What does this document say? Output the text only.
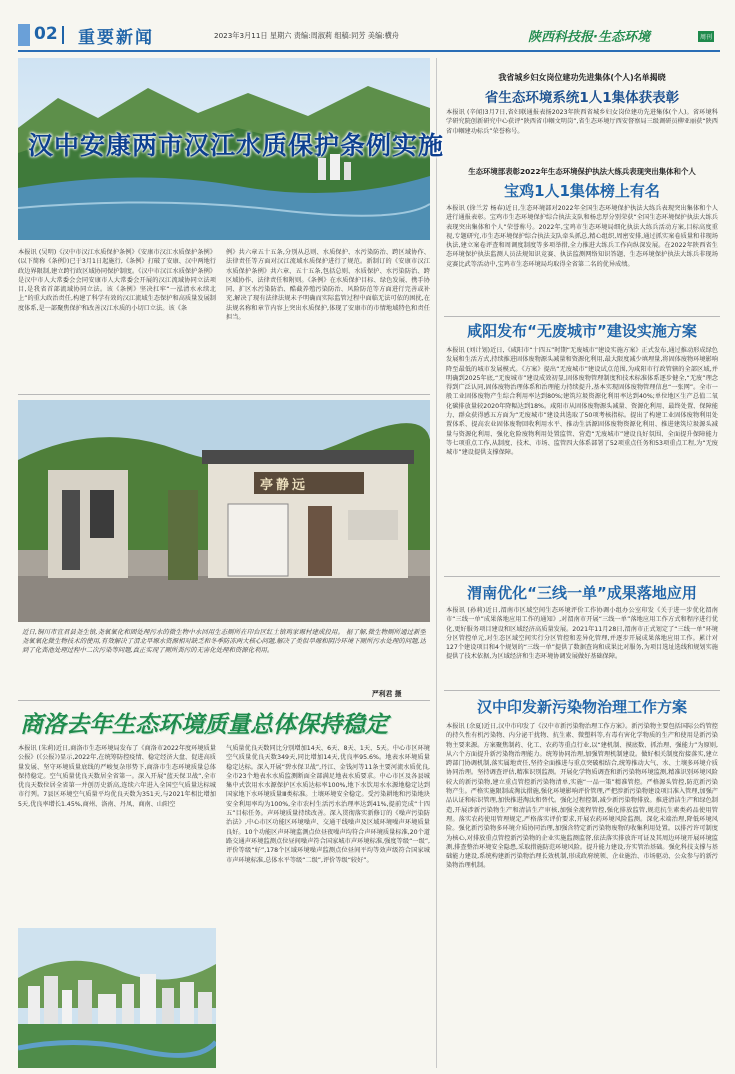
02 重要新闻	2023年3月11日 星期六 责编:周淑莉 组稿:同芳 美编:横舟	陕西科技报·生态环境	周刊
汉中安康两市汉江水质保护条例实施
本报讯 (吴明)《汉中市汉江水质保护条例》《安康市汉江水质保护条例》(以下简称《条例》)已于3月1日起施行,《条例》打破了安康、汉中两地行政边界限制,建立跨行政区域协同保护制度。《汉中市汉江水质保护条例》是汉中市人大常委会会同安康市人大常委会开展的汉江流域协同立法项目,是我省首部流域协同立法。该《条例》坚决扛牢“一泓清水永续北上”的重大政治责任,构建了科学有效的汉江流域生态保护和高质量发展制度体系,是一部聚焦保护和改善汉江水质的小切口立法。该《条
例》共六章五十五条,分别从总则、水质保护、水污染防治、跨区域协作、法律责任等方面对汉江流域水质保护进行了规范。新制订的《安康市汉江水质保护条例》共六章、五十五条,包括总则、水质保护、水污染防治、跨区域协作、法律责任和附则。《条例》在水质保护目标、绿色发展、携手协同、扩区水污染防治、酷截养殖污染防治、风险防范等方面进行完善或补充,解决了现有法律法规未予明确而实际监管过程中面临无法可依的困扰,在法规名称和章节内容上突出水质保护,体现了安康市的市情地域特色和责任担当。
亭静远
近日,铜川市宜君县尧生镇,尧氧氧化和固处理污水的微生物中水回用生态厕所在印台区红土镇鸡家塬村建成投用。 据了解,微生物厕所通过新型尧氧氧化微生物技术的使用,有效解决了渭北旱塬水资源相对缺乏和冬季防冻两大核心问题,解决了类似旱塬和阴冷环境下厕所污水处理的问题,达到了化粪池处理过程中二次污染等问题,真正实现了厕所粪污的无害化处理和资源化利用。
严利君 摄
商洛去年生态环境质量总体保持稳定
本报讯 (朱莉)近日,商洛市生态环境局发布了《商洛市2022年度环境质量公报》(《公报》)显示,2022年,在统筹防控疫情、稳定经济大盘、促进高质量发展、坚守环境质量底线的严峻复杂形势下,商洛市生态环境质量总体保持稳定。空气质量优良天数居全省第一。深入开展“蓝天保卫战”,全市优良天数位居全省第一并创历史新高,连续六年进入全国空气质量达标城市行列。7县区环境空气质量平均优良天数为351天,与2021年相比增加5天,优良率增长1.45%,商州、洛南、丹凤、商南、山阳空
气质量优良天数同比分别增加14天、6天、8天、1天、5天。中心市区环境空气质量优良天数349天,同比增加14天,优良率95.6%。地表水环境质量稳定达标。深入开展“碧水保卫战”,丹江、金钱河等11条主要河流水质优良,全市23个地表水水质监测断面全部满足地表水质要求。中心市区及各县城集中式饮用水水源保护区水质达标率100%,地下水饮用水水源地稳定达到国家地下水环境质量Ⅲ类标准。土壤环境安全稳定。受污染耕地和污染地块安全利用率均为100%,全市农村生活污水治理率达到41%,提前完成“十四五”目标任务。声环境质量持续改善。深入贯彻落实新修订的《噪声污染防治法》,中心市区功能区环境噪声、交通干线噪声及区域环境噪声环境质量良好。10个功能区声环境监测点位昼夜噪声均符合声环境质量标准,20个道路交通声环境监测点位昼间噪声符合国家城市声环境标准,强度等级“一级”,评价等级“好”,178个区域环境噪声监测点位昼间平均等效声级符合国家城市声环境标准,总体水平等级“二级”,评价等级“较好”。
我省城乡妇女岗位建功先进集体(个人)名单揭晓
省生态环境系统1人1集体获表彰
本报讯 (辛闻)3月7日,省妇联通报表扬2023年陕西省城乡妇女岗位建功先进集体(个人)。省环境科学研究院创新研究中心获评“陕西省巾帼文明岗”,省生态环境厅西安督察局三级调研员柳亚丽获“陕西省巾帼建功标兵”荣誉称号。
生态环境部表彰2022年生态环境保护执法大练兵表现突出集体和个人
宝鸡1人1集体榜上有名
本报讯 (徐兰芳 杨春)近日,生态环境部对2022年全国生态环境保护执法大练兵表现突出集体和个人进行通报表彰。宝鸡市生态环境保护综合执法支队和杨忠厚分别荣获“全国生态环境保护执法大练兵表现突出集体和个人”荣誉称号。2022年,宝鸡市生态环境局细化执法大练兵活动方案,目标高度重视,专题研究,市生态环境保护综合执法支队牵头抓总,精心组织,周密安排,通过抓实案卷质量和非现场执法,建立案卷评查和周调度制度等多项举措,全力推进大练兵工作向纵深发展。在2022年陕西省生态环境保护执法监测人员法规知识竞赛、执法监测网络知识答题、生态环境保护执法大练兵非现场竞赛比武等活动中,宝鸡市生态环境局均取得全省第二名的优异成绩。
咸阳发布“无废城市”建设实施方案
本报讯 (刘计划)近日,《咸阳市“十四五”时期“无废城市”建设实施方案》正式发布,通过推动形成绿色发展和生活方式,持续推进固体废物源头减量和资源化利用,最大限度减少填埋量,将固体废物环境影响降至最低的城市发展模式。《方案》提出“无废城市”建设试点范围,为咸阳市行政管辖的全部区域,并明确到2025年底,“无废城市”建设成效初显,固体废物管理制度和技术标准体系逐步健全,“无废”理念得到广泛认同,固体废物治理体系和治理能力持续提升,基本实现固体废物管理信息“一张网”。全市一般工业固体废物产生综合利用率达到80%;建筑垃圾资源化利用率达到40%;单位地区生产总值二氧化碳排放量较2020年降幅达到18%。咸阳市从固体废物源头减量、资源化利用、最终处置、保障能力、群众获得感五方面为“无废城市”建设共选取了50项考核指标。提出了构建工业固体废物利用处置体系、提高农业固体废物回收利用水平、推动生活源固体废物资源化利用、推进建筑垃圾源头减量与资源化利用、强化危险废物利用处置监管、营造“无废城市”建设良好氛围、全面提升保障能力等七项重点工作,从制度、技术、市场、监管四大体系部署了52项重点任务和53项重点工程,为“无废城市”建设提供支撑保障。
渭南优化“三线一单”成果落地应用
本报讯 (孙莉)近日,渭南市区域空间生态环境评价工作协调小组办公室印发《关于进一步优化渭南市“三线一单”成果落地应用工作的通知》,对渭南市开展“三线一单”落地应用工作方式和程序进行优化,更好服务项目建设和区域经济高质量发展。2021年11月28日,渭南市正式划定了“三线一单”环境分区管控单元,对生态区域空间实行分区管控和差异化管理,并逐步开展成果落地应用工作。累计对127个建设项目和4个规划的“三线一单”提供了数据查询和成果比对服务,为项目选址选线和规划实施提供了技术依据,为区域经济和生态环境协调发展做好基础保障。
汉中印发新污染物治理工作方案
本报讯 (余夏)近日,汉中市印发了《汉中市新污染物治理工作方案》。新污染物主要包括国际公约管控的持久性有机污染物、内分泌干扰物、抗生素、微塑料等,有毒有害化学物质的生产和使用是新污染物主要来源。方案聚焦制药、化工、农药等重点行业,以“建机制、摸底数、抓治理、强能力”为原则,从六个方面提升新污染物治理能力。统筹协同治理,加强管理机制建设。做好相关制度衔接落实,建立跨部门协调机制,落实属地责任,坚持全面推进与重点突破相结合,统筹推动大气、水、土壤多环境介质协同治理。坚持调查评估,精准识别监测。开展化学物质调查和新污染物环境监测,精准识别环境风险较大的新污染物,建立重点管控新污染物清单,实施“一品一策”精准管控。严格源头管控,防范新污染物产生。严格实施限制或淘汰措施,强化环境影响评价管理,严把涉新污染物建设项目准入管理,加强产品认证和标识管理,加快推进淘汰和替代。强化过程控制,减少新污染物排放。推进清洁生产和绿色制造,开展涉新污染物生产和清洁生产审核,加强全流程管控,强化排放监管,规范抗生素类药品使用管理。落实农药使用管理规定,严格落实评价要求,开展农药环境风险监测。深化末端治理,降低环境风险。强化新污染物多环境介质协同治理,加强含特定新污染物废物的收集利用处置。以排污许可制度为核心,对排放重点管控新污染物的企业实施监测监督,依法落实排放许可证及其周边环境开展环境监测,排查整治环境安全隐患,采取措施防范环境风险。提升能力建设,夯实管治基础。强化科技支撑与基础能力建设,系统构建新污染物治理长效机制,形成政府统领、企业施治、市场驱动、公众参与的新污染物治理机制。
